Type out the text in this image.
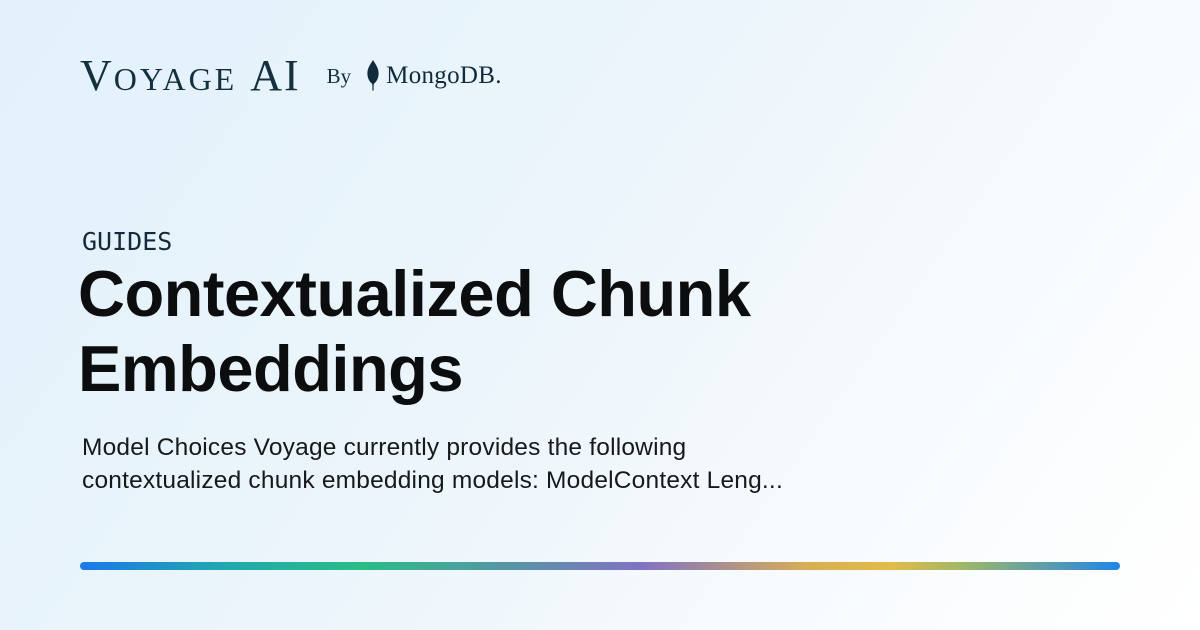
VOYAGE AI By MongoDB.
GUIDES
Contextualized Chunk Embeddings
Model Choices Voyage currently provides the following
contextualized chunk embedding models: ModelContext Leng...
